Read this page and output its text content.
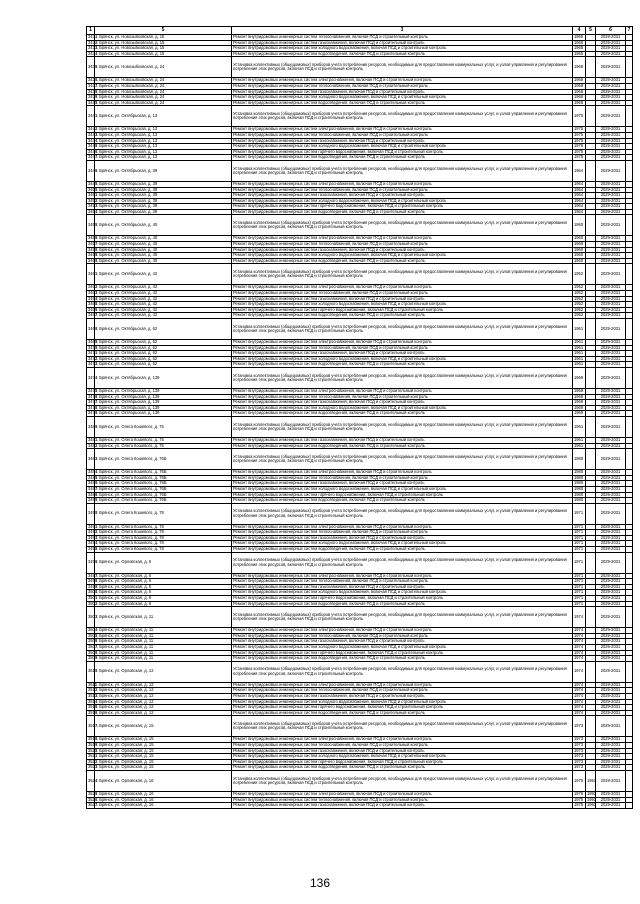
1	5	3	4	5	6	7
3431	г. Брянск, ул. Новозыбковская, д. 15	Ремонт внутридомовых инженерных систем теплоснабжения, включая ПСД и строительный контроль	1965		2029-2031	
3432	г. Брянск, ул. Новозыбковская, д. 15	Ремонт внутридомовых инженерных систем газоснабжения, включая ПСД и строительный контроль	1965		2029-2031	
3433	г. Брянск, ул. Новозыбковская, д. 15	Ремонт внутридомовых инженерных систем холодного водоснабжения, включая ПСД и строительный контроль	1965		2029-2031	
3434	г. Брянск, ул. Новозыбковская, д. 15	Ремонт внутридомовых инженерных систем водоотведения, включая ПСД и строительный контроль	1965		2029-2031	
3435	г. Брянск, ул. Новозыбковская, д. 24	Установка коллективных (общедомовых) приборов учета потребления ресурсов, необходимых для предоставления коммунальных услуг, и узлов управления и регулирования потребления этих ресурсов, включая ПСД и строительный контроль	1968		2029-2031	
3436	г. Брянск, ул. Новозыбковская, д. 24	Ремонт внутридомовых инженерных систем электроснабжения, включая ПСД и строительный контроль	1968		2029-2031	
3437	г. Брянск, ул. Новозыбковская, д. 24	Ремонт внутридомовых инженерных систем теплоснабжения, включая ПСД и строительный контроль	1968		2029-2031	
3438	г. Брянск, ул. Новозыбковская, д. 24	Ремонт внутридомовых инженерных систем газоснабжения, включая ПСД и строительный контроль	1968		2029-2031	
3439	г. Брянск, ул. Новозыбковская, д. 24	Ремонт внутридомовых инженерных систем холодного водоснабжения, включая ПСД и строительный контроль	1968		2029-2031	
3440	г. Брянск, ул. Новозыбковская, д. 24	Ремонт внутридомовых инженерных систем водоотведения, включая ПСД и строительный контроль	1968		2029-2031	
3441	г. Брянск, ул. Октябрьская, д. 13	Установка коллективных (общедомовых) приборов учета потребления ресурсов, необходимых для предоставления коммунальных услуг, и узлов управления и регулирования потребления этих ресурсов, включая ПСД и строительный контроль	1975		2029-2031	
3442	г. Брянск, ул. Октябрьская, д. 13	Ремонт внутридомовых инженерных систем электроснабжения, включая ПСД и строительный контроль	1975		2029-2031	
3443	г. Брянск, ул. Октябрьская, д. 13	Ремонт внутридомовых инженерных систем теплоснабжения, включая ПСД и строительный контроль	1975		2029-2031	
3444	г. Брянск, ул. Октябрьская, д. 13	Ремонт внутридомовых инженерных систем газоснабжения, включая ПСД и строительный контроль	1975		2029-2031	
3445	г. Брянск, ул. Октябрьская, д. 13	Ремонт внутридомовых инженерных систем холодного водоснабжения, включая ПСД и строительный контроль	1975		2029-2031	
3446	г. Брянск, ул. Октябрьская, д. 13	Ремонт внутридомовых инженерных систем горячего водоснабжения, включая ПСД и строительный контроль	1975		2029-2031	
3447	г. Брянск, ул. Октябрьская, д. 13	Ремонт внутридомовых инженерных систем водоотведения, включая ПСД и строительный контроль	1975		2029-2031	
3448	г. Брянск, ул. Октябрьская, д. 39	Установка коллективных (общедомовых) приборов учета потребления ресурсов, необходимых для предоставления коммунальных услуг, и узлов управления и регулирования потребления этих ресурсов, включая ПСД и строительный контроль	1964		2029-2031	
3449	г. Брянск, ул. Октябрьская, д. 39	Ремонт внутридомовых инженерных систем электроснабжения, включая ПСД и строительный контроль	1964		2029-2031	
3450	г. Брянск, ул. Октябрьская, д. 39	Ремонт внутридомовых инженерных систем теплоснабжения, включая ПСД и строительный контроль	1964		2029-2031	
3451	г. Брянск, ул. Октябрьская, д. 39	Ремонт внутридомовых инженерных систем газоснабжения, включая ПСД и строительный контроль	1964		2029-2031	
3452	г. Брянск, ул. Октябрьская, д. 39	Ремонт внутридомовых инженерных систем холодного водоснабжения, включая ПСД и строительный контроль	1964		2029-2031	
3453	г. Брянск, ул. Октябрьская, д. 39	Ремонт внутридомовых инженерных систем горячего водоснабжения, включая ПСД и строительный контроль	1964		2029-2031	
3454	г. Брянск, ул. Октябрьская, д. 39	Ремонт внутридомовых инженерных систем водоотведения, включая ПСД и строительный контроль	1964		2029-2031	
3455	г. Брянск, ул. Октябрьская, д. 40	Установка коллективных (общедомовых) приборов учета потребления ресурсов, необходимых для предоставления коммунальных услуг, и узлов управления и регулирования потребления этих ресурсов, включая ПСД и строительный контроль	1960		2029-2031	
3456	г. Брянск, ул. Октябрьская, д. 40	Ремонт внутридомовых инженерных систем электроснабжения, включая ПСД и строительный контроль	1960		2029-2031	
3457	г. Брянск, ул. Октябрьская, д. 40	Ремонт внутридомовых инженерных систем теплоснабжения, включая ПСД и строительный контроль	1960		2029-2031	
3458	г. Брянск, ул. Октябрьская, д. 40	Ремонт внутридомовых инженерных систем газоснабжения, включая ПСД и строительный контроль	1960		2029-2031	
3459	г. Брянск, ул. Октябрьская, д. 40	Ремонт внутридомовых инженерных систем холодного водоснабжения, включая ПСД и строительный контроль	1960		2029-2031	
3460	г. Брянск, ул. Октябрьская, д. 40	Ремонт внутридомовых инженерных систем водоотведения, включая ПСД и строительный контроль	1960		2029-2031	
3461	г. Брянск, ул. Октябрьская, д. 42	Установка коллективных (общедомовых) приборов учета потребления ресурсов, необходимых для предоставления коммунальных услуг, и узлов управления и регулирования потребления этих ресурсов, включая ПСД и строительный контроль	1952		2029-2031	
3462	г. Брянск, ул. Октябрьская, д. 42	Ремонт внутридомовых инженерных систем электроснабжения, включая ПСД и строительный контроль	1952		2029-2031	
3463	г. Брянск, ул. Октябрьская, д. 42	Ремонт внутридомовых инженерных систем теплоснабжения, включая ПСД и строительный контроль	1952		2029-2031	
3464	г. Брянск, ул. Октябрьская, д. 42	Ремонт внутридомовых инженерных систем газоснабжения, включая ПСД и строительный контроль	1952		2029-2031	
3465	г. Брянск, ул. Октябрьская, д. 42	Ремонт внутридомовых инженерных систем холодного водоснабжения, включая ПСД и строительный контроль	1952		2029-2031	
3466	г. Брянск, ул. Октябрьская, д. 42	Ремонт внутридомовых инженерных систем горячего водоснабжения, включая ПСД и строительный контроль	1952		2029-2031	
3467	г. Брянск, ул. Октябрьская, д. 42	Ремонт внутридомовых инженерных систем водоотведения, включая ПСД и строительный контроль	1952		2029-2031	
3468	г. Брянск, ул. Октябрьская, д. 62	Установка коллективных (общедомовых) приборов учета потребления ресурсов, необходимых для предоставления коммунальных услуг, и узлов управления и регулирования потребления этих ресурсов, включая ПСД и строительный контроль	1961		2029-2031	
3469	г. Брянск, ул. Октябрьская, д. 62	Ремонт внутридомовых инженерных систем электроснабжения, включая ПСД и строительный контроль	1961		2029-2031	
3470	г. Брянск, ул. Октябрьская, д. 62	Ремонт внутридомовых инженерных систем теплоснабжения, включая ПСД и строительный контроль	1961		2029-2031	
3471	г. Брянск, ул. Октябрьская, д. 62	Ремонт внутридомовых инженерных систем газоснабжения, включая ПСД и строительный контроль	1961		2029-2031	
3472	г. Брянск, ул. Октябрьская, д. 62	Ремонт внутридомовых инженерных систем холодного водоснабжения, включая ПСД и строительный контроль	1961		2029-2031	
3473	г. Брянск, ул. Октябрьская, д. 62	Ремонт внутридомовых инженерных систем водоотведения, включая ПСД и строительный контроль	1961		2029-2031	
3474	г. Брянск, ул. Октябрьская, д. 139	Установка коллективных (общедомовых) приборов учета потребления ресурсов, необходимых для предоставления коммунальных услуг, и узлов управления и регулирования потребления этих ресурсов, включая ПСД и строительный контроль	1969		2029-2031	
3475	г. Брянск, ул. Октябрьская, д. 139	Ремонт внутридомовых инженерных систем электроснабжения, включая ПСД и строительный контроль	1969		2029-2031	
3476	г. Брянск, ул. Октябрьская, д. 139	Ремонт внутридомовых инженерных систем теплоснабжения, включая ПСД и строительный контроль	1969		2029-2031	
3477	г. Брянск, ул. Октябрьская, д. 139	Ремонт внутридомовых инженерных систем газоснабжения, включая ПСД и строительный контроль	1969		2029-2031	
3478	г. Брянск, ул. Октябрьская, д. 139	Ремонт внутридомовых инженерных систем холодного водоснабжения, включая ПСД и строительный контроль	1969		2029-2031	
3479	г. Брянск, ул. Октябрьская, д. 139	Ремонт внутридомовых инженерных систем водоотведения, включая ПСД и строительный контроль	1969		2029-2031	
3480	г. Брянск, ул. Олега Кошевого, д. 75	Установка коллективных (общедомовых) приборов учета потребления ресурсов, необходимых для предоставления коммунальных услуг, и узлов управления и регулирования потребления этих ресурсов, включая ПСД и строительный контроль	1961		2029-2031	
3481	г. Брянск, ул. Олега Кошевого, д. 75	Ремонт внутридомовых инженерных систем газоснабжения, включая ПСД и строительный контроль	1961		2029-2031	
3482	г. Брянск, ул. Олега Кошевого, д. 75	Ремонт внутридомовых инженерных систем водоотведения, включая ПСД и строительный контроль	1961		2029-2031	
3483	г. Брянск, ул. Олега Кошевого, д. 76Б	Установка коллективных (общедомовых) приборов учета потребления ресурсов, необходимых для предоставления коммунальных услуг, и узлов управления и регулирования потребления этих ресурсов, включая ПСД и строительный контроль	1980		2029-2031	
3484	г. Брянск, ул. Олега Кошевого, д. 76Б	Ремонт внутридомовых инженерных систем электроснабжения, включая ПСД и строительный контроль	1980		2029-2031	
3485	г. Брянск, ул. Олега Кошевого, д. 76Б	Ремонт внутридомовых инженерных систем теплоснабжения, включая ПСД и строительный контроль	1980		2029-2031	
3486	г. Брянск, ул. Олега Кошевого, д. 76Б	Ремонт внутридомовых инженерных систем газоснабжения, включая ПСД и строительный контроль	1980		2029-2031	
3487	г. Брянск, ул. Олега Кошевого, д. 76Б	Ремонт внутридомовых инженерных систем холодного водоснабжения, включая ПСД и строительный контроль	1980		2029-2031	
3488	г. Брянск, ул. Олега Кошевого, д. 76Б	Ремонт внутридомовых инженерных систем горячего водоснабжения, включая ПСД и строительный контроль	1980		2029-2031	
3489	г. Брянск, ул. Олега Кошевого, д. 76Б	Ремонт внутридомовых инженерных систем водоотведения, включая ПСД и строительный контроль	1980		2029-2031	
3490	г. Брянск, ул. Олега Кошевого, д. 78	Установка коллективных (общедомовых) приборов учета потребления ресурсов, необходимых для предоставления коммунальных услуг, и узлов управления и регулирования потребления этих ресурсов, включая ПСД и строительный контроль	1971		2029-2031	
3491	г. Брянск, ул. Олега Кошевого, д. 78	Ремонт внутридомовых инженерных систем электроснабжения, включая ПСД и строительный контроль	1971		2029-2031	
3492	г. Брянск, ул. Олега Кошевого, д. 78	Ремонт внутридомовых инженерных систем теплоснабжения, включая ПСД и строительный контроль	1971		2029-2031	
3493	г. Брянск, ул. Олега Кошевого, д. 78	Ремонт внутридомовых инженерных систем газоснабжения, включая ПСД и строительный контроль	1971		2029-2031	
3494	г. Брянск, ул. Олега Кошевого, д. 78	Ремонт внутридомовых инженерных систем холодного водоснабжения, включая ПСД и строительный контроль	1971		2029-2031	
3495	г. Брянск, ул. Олега Кошевого, д. 78	Ремонт внутридомовых инженерных систем водоотведения, включая ПСД и строительный контроль	1971		2029-2031	
3496	г. Брянск, ул. Орловская, д. 6	Установка коллективных (общедомовых) приборов учета потребления ресурсов, необходимых для предоставления коммунальных услуг, и узлов управления и регулирования потребления этих ресурсов, включая ПСД и строительный контроль	1971		2029-2031	
3497	г. Брянск, ул. Орловская, д. 6	Ремонт внутридомовых инженерных систем электроснабжения, включая ПСД и строительный контроль	1971		2029-2031	
3498	г. Брянск, ул. Орловская, д. 6	Ремонт внутридомовых инженерных систем теплоснабжения, включая ПСД и строительный контроль	1971		2029-2031	
3499	г. Брянск, ул. Орловская, д. 6	Ремонт внутридомовых инженерных систем газоснабжения, включая ПСД и строительный контроль	1971		2029-2031	
3500	г. Брянск, ул. Орловская, д. 6	Ремонт внутридомовых инженерных систем холодного водоснабжения, включая ПСД и строительный контроль	1971		2029-2031	
3501	г. Брянск, ул. Орловская, д. 6	Ремонт внутридомовых инженерных систем горячего водоснабжения, включая ПСД и строительный контроль	1971		2029-2031	
3502	г. Брянск, ул. Орловская, д. 6	Ремонт внутридомовых инженерных систем водоотведения, включая ПСД и строительный контроль	1971		2029-2031	
3503	г. Брянск, ул. Орловская, д. 11	Установка коллективных (общедомовых) приборов учета потребления ресурсов, необходимых для предоставления коммунальных услуг, и узлов управления и регулирования потребления этих ресурсов, включая ПСД и строительный контроль	1974		2029-2031	
3504	г. Брянск, ул. Орловская, д. 11	Ремонт внутридомовых инженерных систем электроснабжения, включая ПСД и строительный контроль	1974		2029-2031	
3505	г. Брянск, ул. Орловская, д. 11	Ремонт внутридомовых инженерных систем теплоснабжения, включая ПСД и строительный контроль	1974		2029-2031	
3506	г. Брянск, ул. Орловская, д. 11	Ремонт внутридомовых инженерных систем газоснабжения, включая ПСД и строительный контроль	1974		2029-2031	
3507	г. Брянск, ул. Орловская, д. 11	Ремонт внутридомовых инженерных систем холодного водоснабжения, включая ПСД и строительный контроль	1974		2029-2031	
3508	г. Брянск, ул. Орловская, д. 11	Ремонт внутридомовых инженерных систем горячего водоснабжения, включая ПСД и строительный контроль	1974		2029-2031	
3509	г. Брянск, ул. Орловская, д. 11	Ремонт внутридомовых инженерных систем водоотведения, включая ПСД и строительный контроль	1974		2029-2031	
3510	г. Брянск, ул. Орловская, д. 12	Установка коллективных (общедомовых) приборов учета потребления ресурсов, необходимых для предоставления коммунальных услуг, и узлов управления и регулирования потребления этих ресурсов, включая ПСД и строительный контроль	1974		2029-2031	
3511	г. Брянск, ул. Орловская, д. 12	Ремонт внутридомовых инженерных систем электроснабжения, включая ПСД и строительный контроль	1974		2029-2031	
3512	г. Брянск, ул. Орловская, д. 12	Ремонт внутридомовых инженерных систем теплоснабжения, включая ПСД и строительный контроль	1974		2029-2031	
3513	г. Брянск, ул. Орловская, д. 12	Ремонт внутридомовых инженерных систем газоснабжения, включая ПСД и строительный контроль	1974		2029-2031	
3514	г. Брянск, ул. Орловская, д. 12	Ремонт внутридомовых инженерных систем холодного водоснабжения, включая ПСД и строительный контроль	1974		2029-2031	
3515	г. Брянск, ул. Орловская, д. 12	Ремонт внутридомовых инженерных систем горячего водоснабжения, включая ПСД и строительный контроль	1974		2029-2031	
3516	г. Брянск, ул. Орловская, д. 12	Ремонт внутридомовых инженерных систем водоотведения, включая ПСД и строительный контроль	1974		2029-2031	
3517	г. Брянск, ул. Орловская, д. 15	Установка коллективных (общедомовых) приборов учета потребления ресурсов, необходимых для предоставления коммунальных услуг, и узлов управления и регулирования потребления этих ресурсов, включая ПСД и строительный контроль	1973		2029-2031	
3518	г. Брянск, ул. Орловская, д. 15	Ремонт внутридомовых инженерных систем электроснабжения, включая ПСД и строительный контроль	1973		2029-2031	
3519	г. Брянск, ул. Орловская, д. 15	Ремонт внутридомовых инженерных систем теплоснабжения, включая ПСД и строительный контроль	1973		2029-2031	
3520	г. Брянск, ул. Орловская, д. 15	Ремонт внутридомовых инженерных систем газоснабжения, включая ПСД и строительный контроль	1973		2029-2031	
3521	г. Брянск, ул. Орловская, д. 15	Ремонт внутридомовых инженерных систем холодного водоснабжения, включая ПСД и строительный контроль	1973		2029-2031	
3522	г. Брянск, ул. Орловская, д. 15	Ремонт внутридомовых инженерных систем горячего водоснабжения, включая ПСД и строительный контроль	1973		2029-2031	
3523	г. Брянск, ул. Орловская, д. 15	Ремонт внутридомовых инженерных систем водоотведения, включая ПСД и строительный контроль	1973		2029-2031	
3524	г. Брянск, ул. Орловская, д. 16	Установка коллективных (общедомовых) приборов учета потребления ресурсов, необходимых для предоставления коммунальных услуг, и узлов управления и регулирования потребления этих ресурсов, включая ПСД и строительный контроль	1975	1992	2029-2031	
3525	г. Брянск, ул. Орловская, д. 16	Ремонт внутридомовых инженерных систем электроснабжения, включая ПСД и строительный контроль	1975	1992	2029-2031	
3526	г. Брянск, ул. Орловская, д. 16	Ремонт внутридомовых инженерных систем теплоснабжения, включая ПСД и строительный контроль	1975	1992	2029-2031	
3527	г. Брянск, ул. Орловская, д. 16	Ремонт внутридомовых инженерных систем газоснабжения, включая ПСД и строительный контроль	1975	1992	2029-2031	
136
